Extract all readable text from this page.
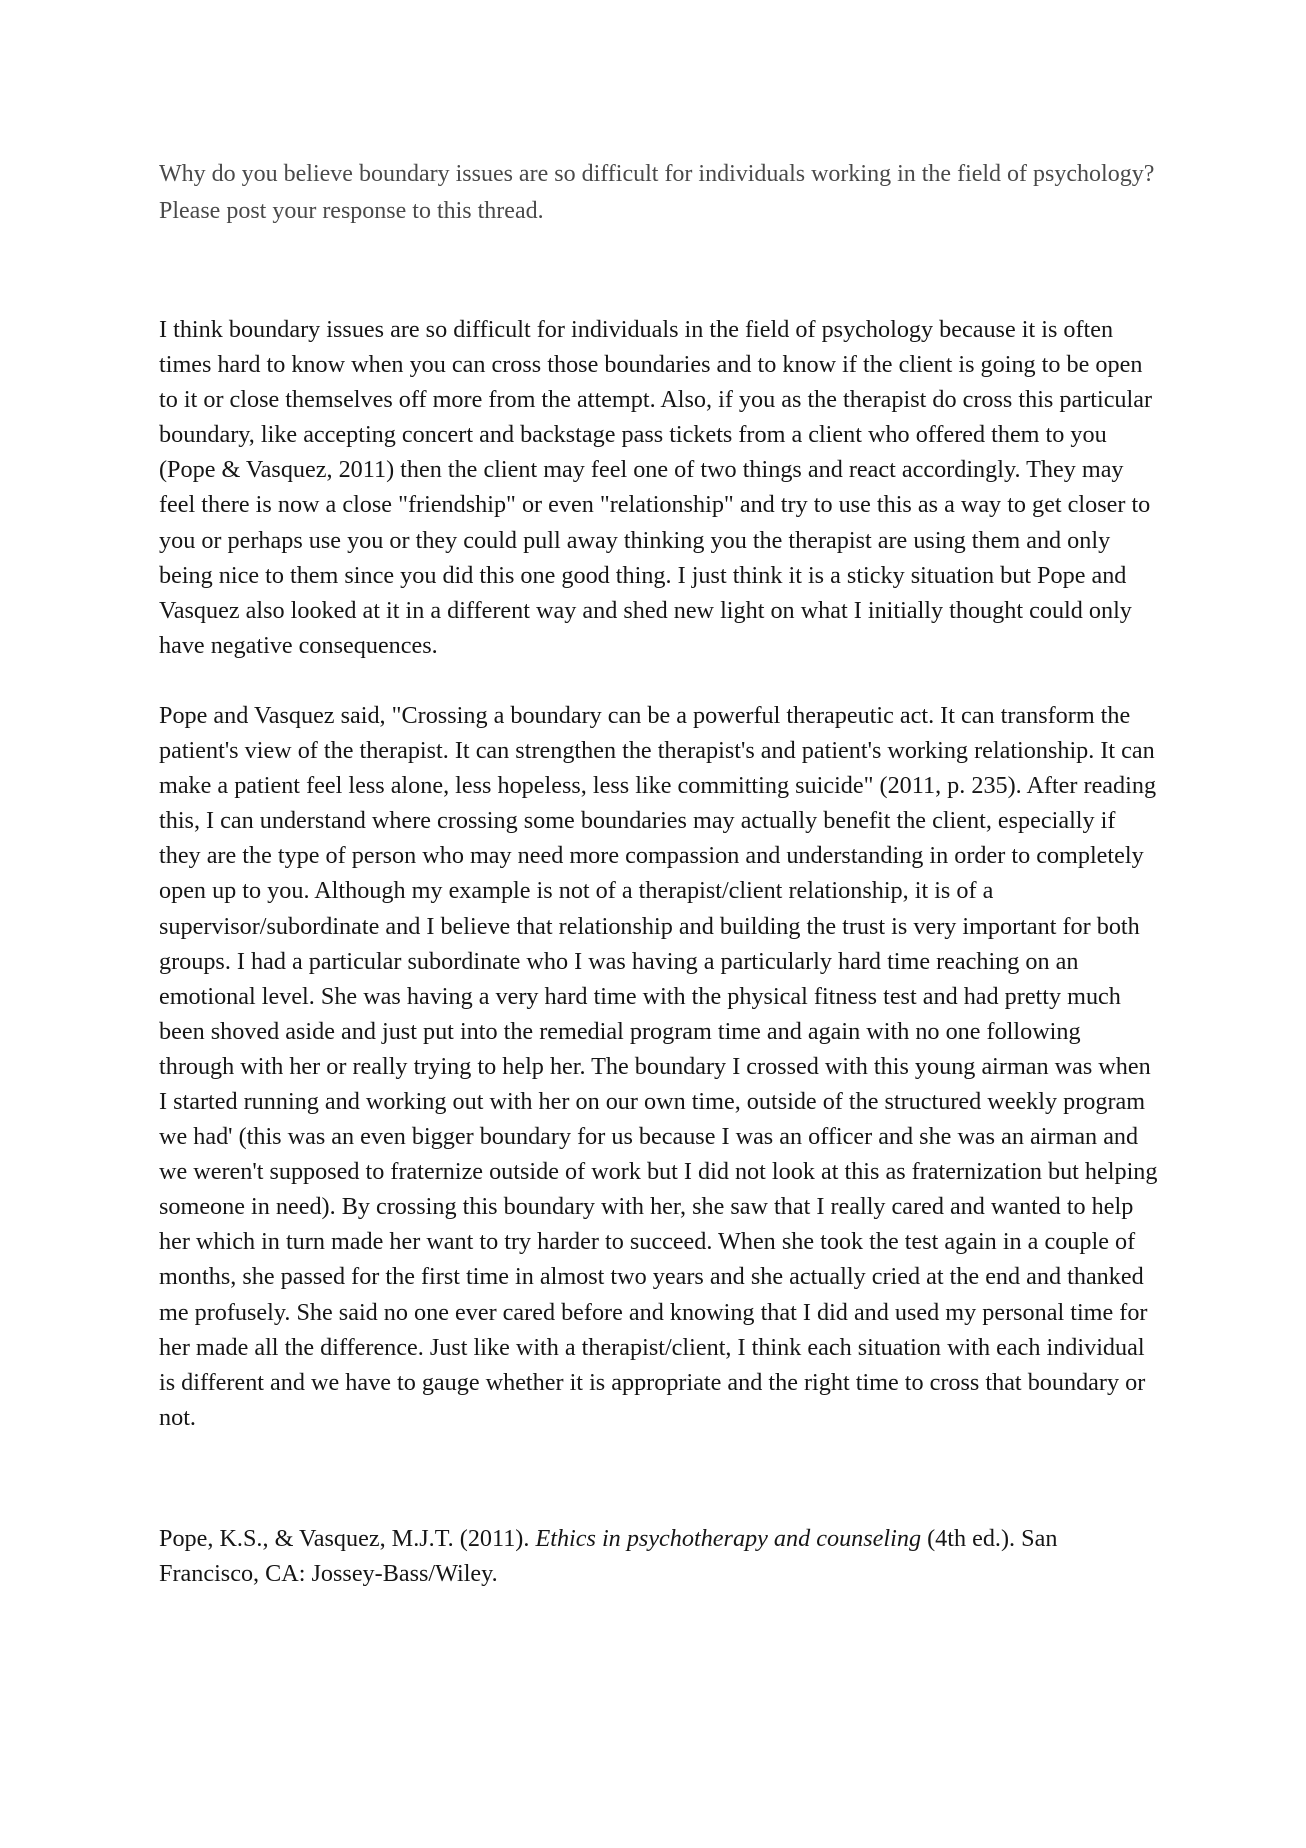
Why do you believe boundary issues are so difficult for individuals working in the field of psychology? Please post your response to this thread.

I think boundary issues are so difficult for individuals in the field of psychology because it is often times hard to know when you can cross those boundaries and to know if the client is going to be open to it or close themselves off more from the attempt. Also, if you as the therapist do cross this particular boundary, like accepting concert and backstage pass tickets from a client who offered them to you (Pope & Vasquez, 2011) then the client may feel one of two things and react accordingly. They may feel there is now a close "friendship" or even "relationship" and try to use this as a way to get closer to you or perhaps use you or they could pull away thinking you the therapist are using them and only being nice to them since you did this one good thing. I just think it is a sticky situation but Pope and Vasquez also looked at it in a different way and shed new light on what I initially thought could only have negative consequences.

Pope and Vasquez said, "Crossing a boundary can be a powerful therapeutic act. It can transform the patient's view of the therapist. It can strengthen the therapist's and patient's working relationship. It can make a patient feel less alone, less hopeless, less like committing suicide" (2011, p. 235). After reading this, I can understand where crossing some boundaries may actually benefit the client, especially if they are the type of person who may need more compassion and understanding in order to completely open up to you. Although my example is not of a therapist/client relationship, it is of a supervisor/subordinate and I believe that relationship and building the trust is very important for both groups. I had a particular subordinate who I was having a particularly hard time reaching on an emotional level. She was having a very hard time with the physical fitness test and had pretty much been shoved aside and just put into the remedial program time and again with no one following through with her or really trying to help her. The boundary I crossed with this young airman was when I started running and working out with her on our own time, outside of the structured weekly program we had' (this was an even bigger boundary for us because I was an officer and she was an airman and we weren't supposed to fraternize outside of work but I did not look at this as fraternization but helping someone in need). By crossing this boundary with her, she saw that I really cared and wanted to help her which in turn made her want to try harder to succeed. When she took the test again in a couple of months, she passed for the first time in almost two years and she actually cried at the end and thanked me profusely. She said no one ever cared before and knowing that I did and used my personal time for her made all the difference. Just like with a therapist/client, I think each situation with each individual is different and we have to gauge whether it is appropriate and the right time to cross that boundary or not.

Pope, K.S., & Vasquez, M.J.T. (2011). Ethics in psychotherapy and counseling (4th ed.). San Francisco, CA: Jossey-Bass/Wiley.
